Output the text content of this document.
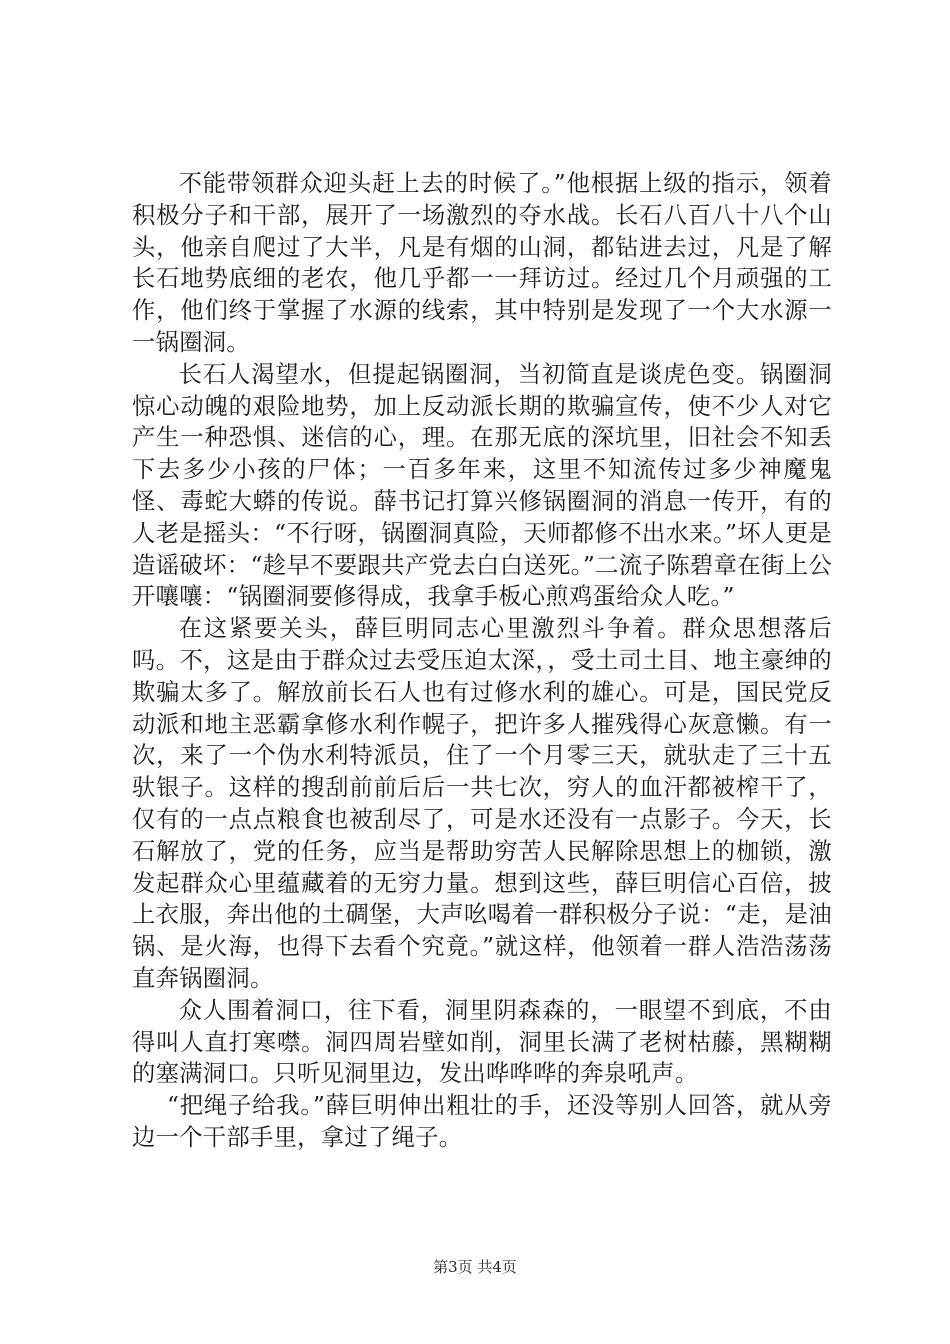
不能带领群众迎头赶上去的时候了。”他根据上级的指示，领着积极分子和干部，展开了一场激烈的夺水战。长石八百八十八个山头，他亲自爬过了大半，凡是有烟的山洞，都钻进去过，凡是了解长石地势底细的老农，他几乎都一一拜访过。经过几个月顽强的工作，他们终于掌握了水源的线索，其中特别是发现了一个大水源一一锅圈洞。

长石人渴望水，但提起锅圈洞，当初简直是谈虎色变。锅圈洞惊心动魄的艰险地势，加上反动派长期的欺骗宣传，使不少人对它产生一种恐惧、迷信的心，理。在那无底的深坑里，旧社会不知丢下去多少小孩的尸体；一百多年来，这里不知流传过多少神魔鬼怪、毒蛇大蟒的传说。薛书记打算兴修锅圈洞的消息一传开，有的人老是摇头：“不行呀，锅圈洞真险，天师都修不出水来。”坏人更是造谣破坏：“趁早不要跟共产党去白白送死。”二流子陈碧章在街上公开嚷嚷：“锅圈洞要修得成，我拿手板心煎鸡蛋给众人吃。”

在这紧要关头，薛巨明同志心里激烈斗争着。群众思想落后吗。不，这是由于群众过去受压迫太深，，受土司土目、地主豪绅的欺骗太多了。解放前长石人也有过修水利的雄心。可是，国民党反动派和地主恶霸拿修水利作幌子，把许多人摧残得心灰意懒。有一次，来了一个伪水利特派员，住了一个月零三天，就驮走了三十五驮银子。这样的搜刮前前后后一共七次，穷人的血汗都被榨干了，仅有的一点点粮食也被刮尽了，可是水还没有一点影子。今天，长石解放了，党的任务，应当是帮助穷苦人民解除思想上的枷锁，激发起群众心里蕴藏着的无穷力量。想到这些，薛巨明信心百倍，披上衣服，奔出他的土碉堡，大声吆喝着一群积极分子说：“走，是油锅、是火海，也得下去看个究竟。”就这样，他领着一群人浩浩荡荡直奔锅圈洞。

众人围着洞口，往下看，洞里阴森森的，一眼望不到底，不由得叫人直打寒噤。洞四周岩壁如削，洞里长满了老树枯藤，黑糊糊的塞满洞口。只听见洞里边，发出哗哗哗的奔泉吼声。

“把绳子给我。”薛巨明伸出粗壮的手，还没等别人回答，就从旁边一个干部手里，拿过了绳子。

第3页 共4页
